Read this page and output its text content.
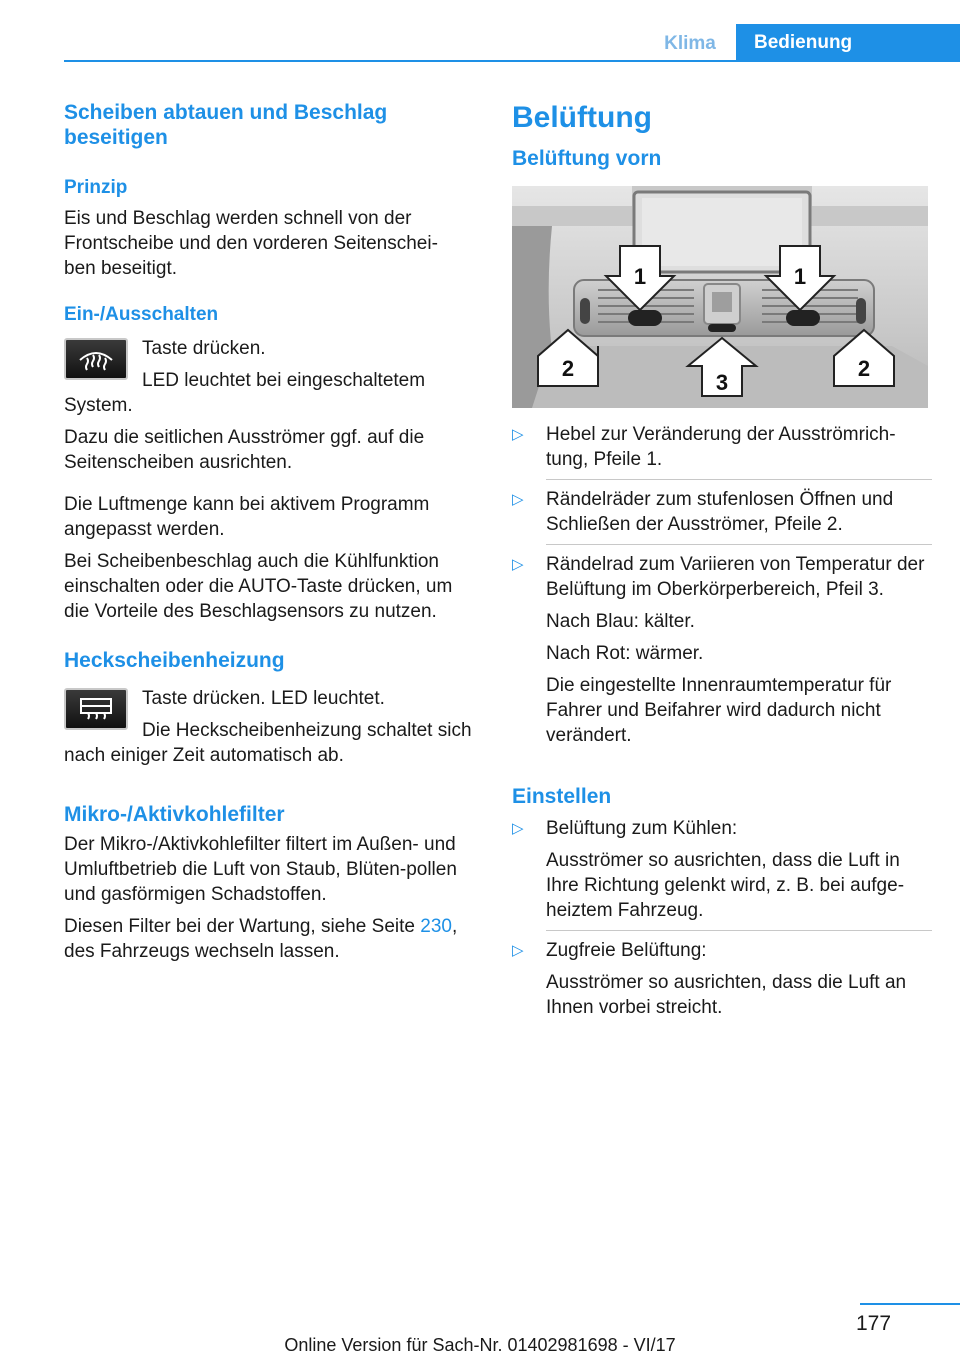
Klima	Bedienung
Scheiben abtauen und Beschlag beseitigen
Prinzip

Eis und Beschlag werden schnell von der Frontscheibe und den vorderen Seitenschei-ben beseitigt.

Ein-/Ausschalten

Taste drücken.

LED leuchtet bei eingeschaltetem System.

Dazu die seitlichen Ausströmer ggf. auf die Seitenscheiben ausrichten.

Die Luftmenge kann bei aktivem Programm angepasst werden.

Bei Scheibenbeschlag auch die Kühlfunktion einschalten oder die AUTO-Taste drücken, um die Vorteile des Beschlagsensors zu nutzen.

Heckscheibenheizung

Taste drücken. LED leuchtet.

Die Heckscheibenheizung schaltet sich nach einiger Zeit automatisch ab.

Mikro-/Aktivkohlefilter

Der Mikro-/Aktivkohlefilter filtert im Außen- und Umluftbetrieb die Luft von Staub, Blüten-pollen und gasförmigen Schadstoffen.

Diesen Filter bei der Wartung, siehe Seite 230, des Fahrzeugs wechseln lassen.

Belüftung
Belüftung vorn
1	1
2	2
3
▷ Hebel zur Veränderung der Ausströmrich-tung, Pfeile 1.
▷ Rändelräder zum stufenlosen Öffnen und Schließen der Ausströmer, Pfeile 2.
▷ Rändelrad zum Variieren von Temperatur der Belüftung im Oberkörperbereich, Pfeil 3.
Nach Blau: kälter.
Nach Rot: wärmer.
Die eingestellte Innenraumtemperatur für Fahrer und Beifahrer wird dadurch nicht verändert.
Einstellen
▷ Belüftung zum Kühlen:
Ausströmer so ausrichten, dass die Luft in Ihre Richtung gelenkt wird, z. B. bei aufge-heiztem Fahrzeug.
▷ Zugfreie Belüftung:
Ausströmer so ausrichten, dass die Luft an Ihnen vorbei streicht.
177
Online Version für Sach-Nr. 01402981698 - VI/17
